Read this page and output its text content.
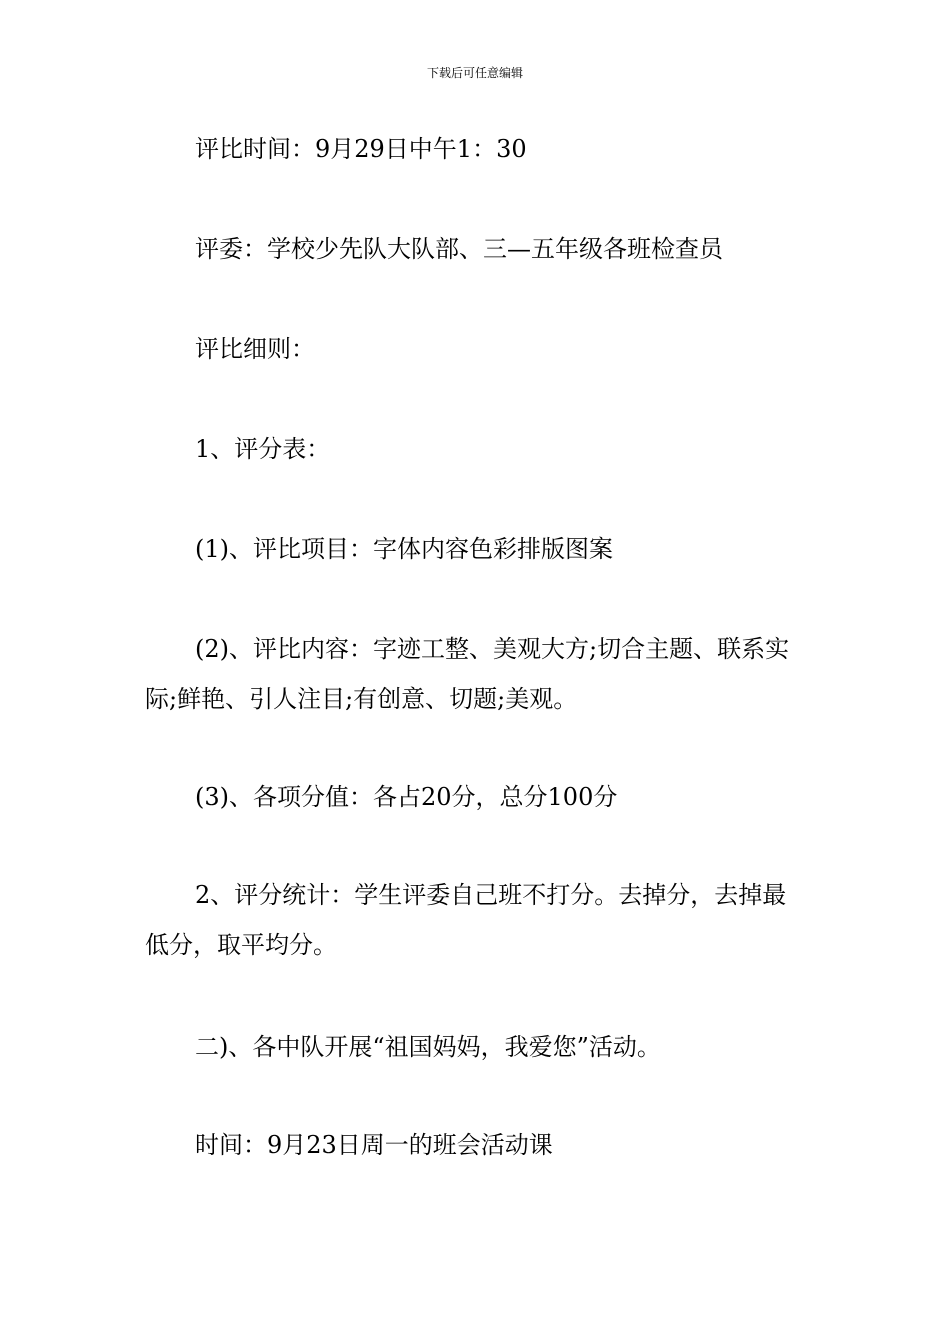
下载后可任意编辑

评比时间：9月29日中午1：30

评委：学校少先队大队部、三—五年级各班检查员

评比细则：

1、评分表：

(1)、评比项目：字体内容色彩排版图案

(2)、评比内容：字迹工整、美观大方;切合主题、联系实际;鲜艳、引人注目;有创意、切题;美观。

(3)、各项分值：各占20分，总分100分

2、评分统计：学生评委自己班不打分。去掉分，去掉最低分，取平均分。

二)、各中队开展“祖国妈妈，我爱您”活动。

时间：9月23日周一的班会活动课
